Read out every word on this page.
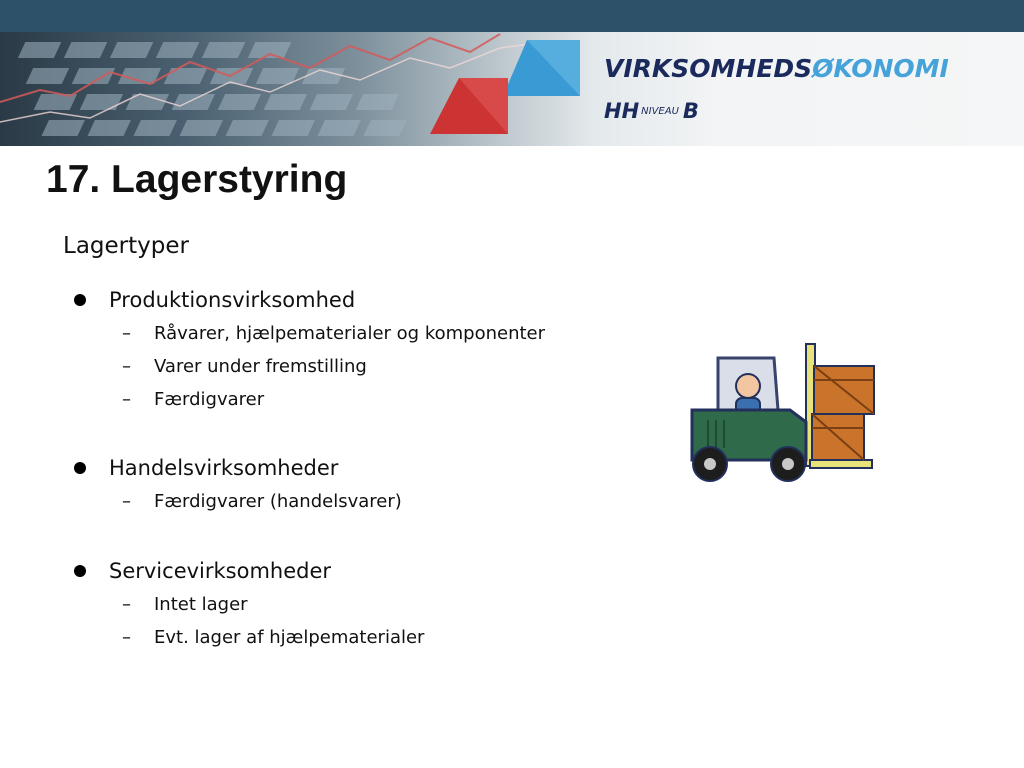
VIRKSOMHEDSØKONOMI
HH NIVEAU B
17. Lagerstyring
Lagertyper
Produktionsvirksomhed
– Råvarer, hjælpematerialer og komponenter
– Varer under fremstilling
– Færdigvarer
Handelsvirksomheder
– Færdigvarer (handelsvarer)
Servicevirksomheder
– Intet lager
– Evt. lager af hjælpematerialer
